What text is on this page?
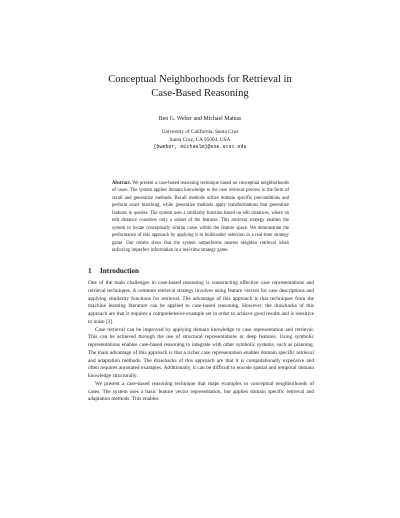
Conceptual Neighborhoods for Retrieval in
Case-Based Reasoning
Ben G. Weber and Michael Mateas
University of California, Santa Cruz
Santa Cruz, CA 95064, USA
{bweber, michaelm}@soe.ucsc.edu

Abstract. We present a case-based reasoning technique based on conceptual neighborhoods of cases. The system applies domain knowledge to the case retrieval process in the form of recall and generalize methods. Recall methods utilize domain specific preconditions and perform exact matching, while generalize methods apply transformations that generalize features in queries. The system uses a similarity function based on edit distances, where an edit distance considers only a subset of the features. This retrieval strategy enables the system to locate conceptually similar cases within the feature space. We demonstrate the performance of this approach by applying it to build-order selection in a real-time strategy game. Our results show that the system outperforms nearest neighbor retrieval when enforcing imperfect information in a real-time strategy game.

1 Introduction

One of the main challenges in case-based reasoning is constructing effective case representations and retrieval techniques. A common retrieval strategy involves using feature vectors for case descriptions and applying similarity functions for retrieval. The advantage of this approach is that techniques from the machine learning literature can be applied to case-based reasoning. However, the drawbacks of this approach are that it requires a comprehensive example set in order to achieve good results and is sensitive to noise [2].

Case retrieval can be improved by applying domain knowledge to case representation and retrieval. This can be achieved through the use of structural representations or deep features. Using symbolic representations enables case-based reasoning to integrate with other symbolic systems, such as planning. The main advantage of this approach is that a richer case representation enables domain specific retrieval and adaptation methods. The drawbacks of this approach are that it is computationally expensive and often requires annotated examples. Additionally, it can be difficult to encode spatial and temporal domain knowledge structurally.

We present a case-based reasoning technique that maps examples to conceptual neighborhoods of cases. The system uses a basic feature vector representation, but applies domain specific retrieval and adaptation methods. This enables
